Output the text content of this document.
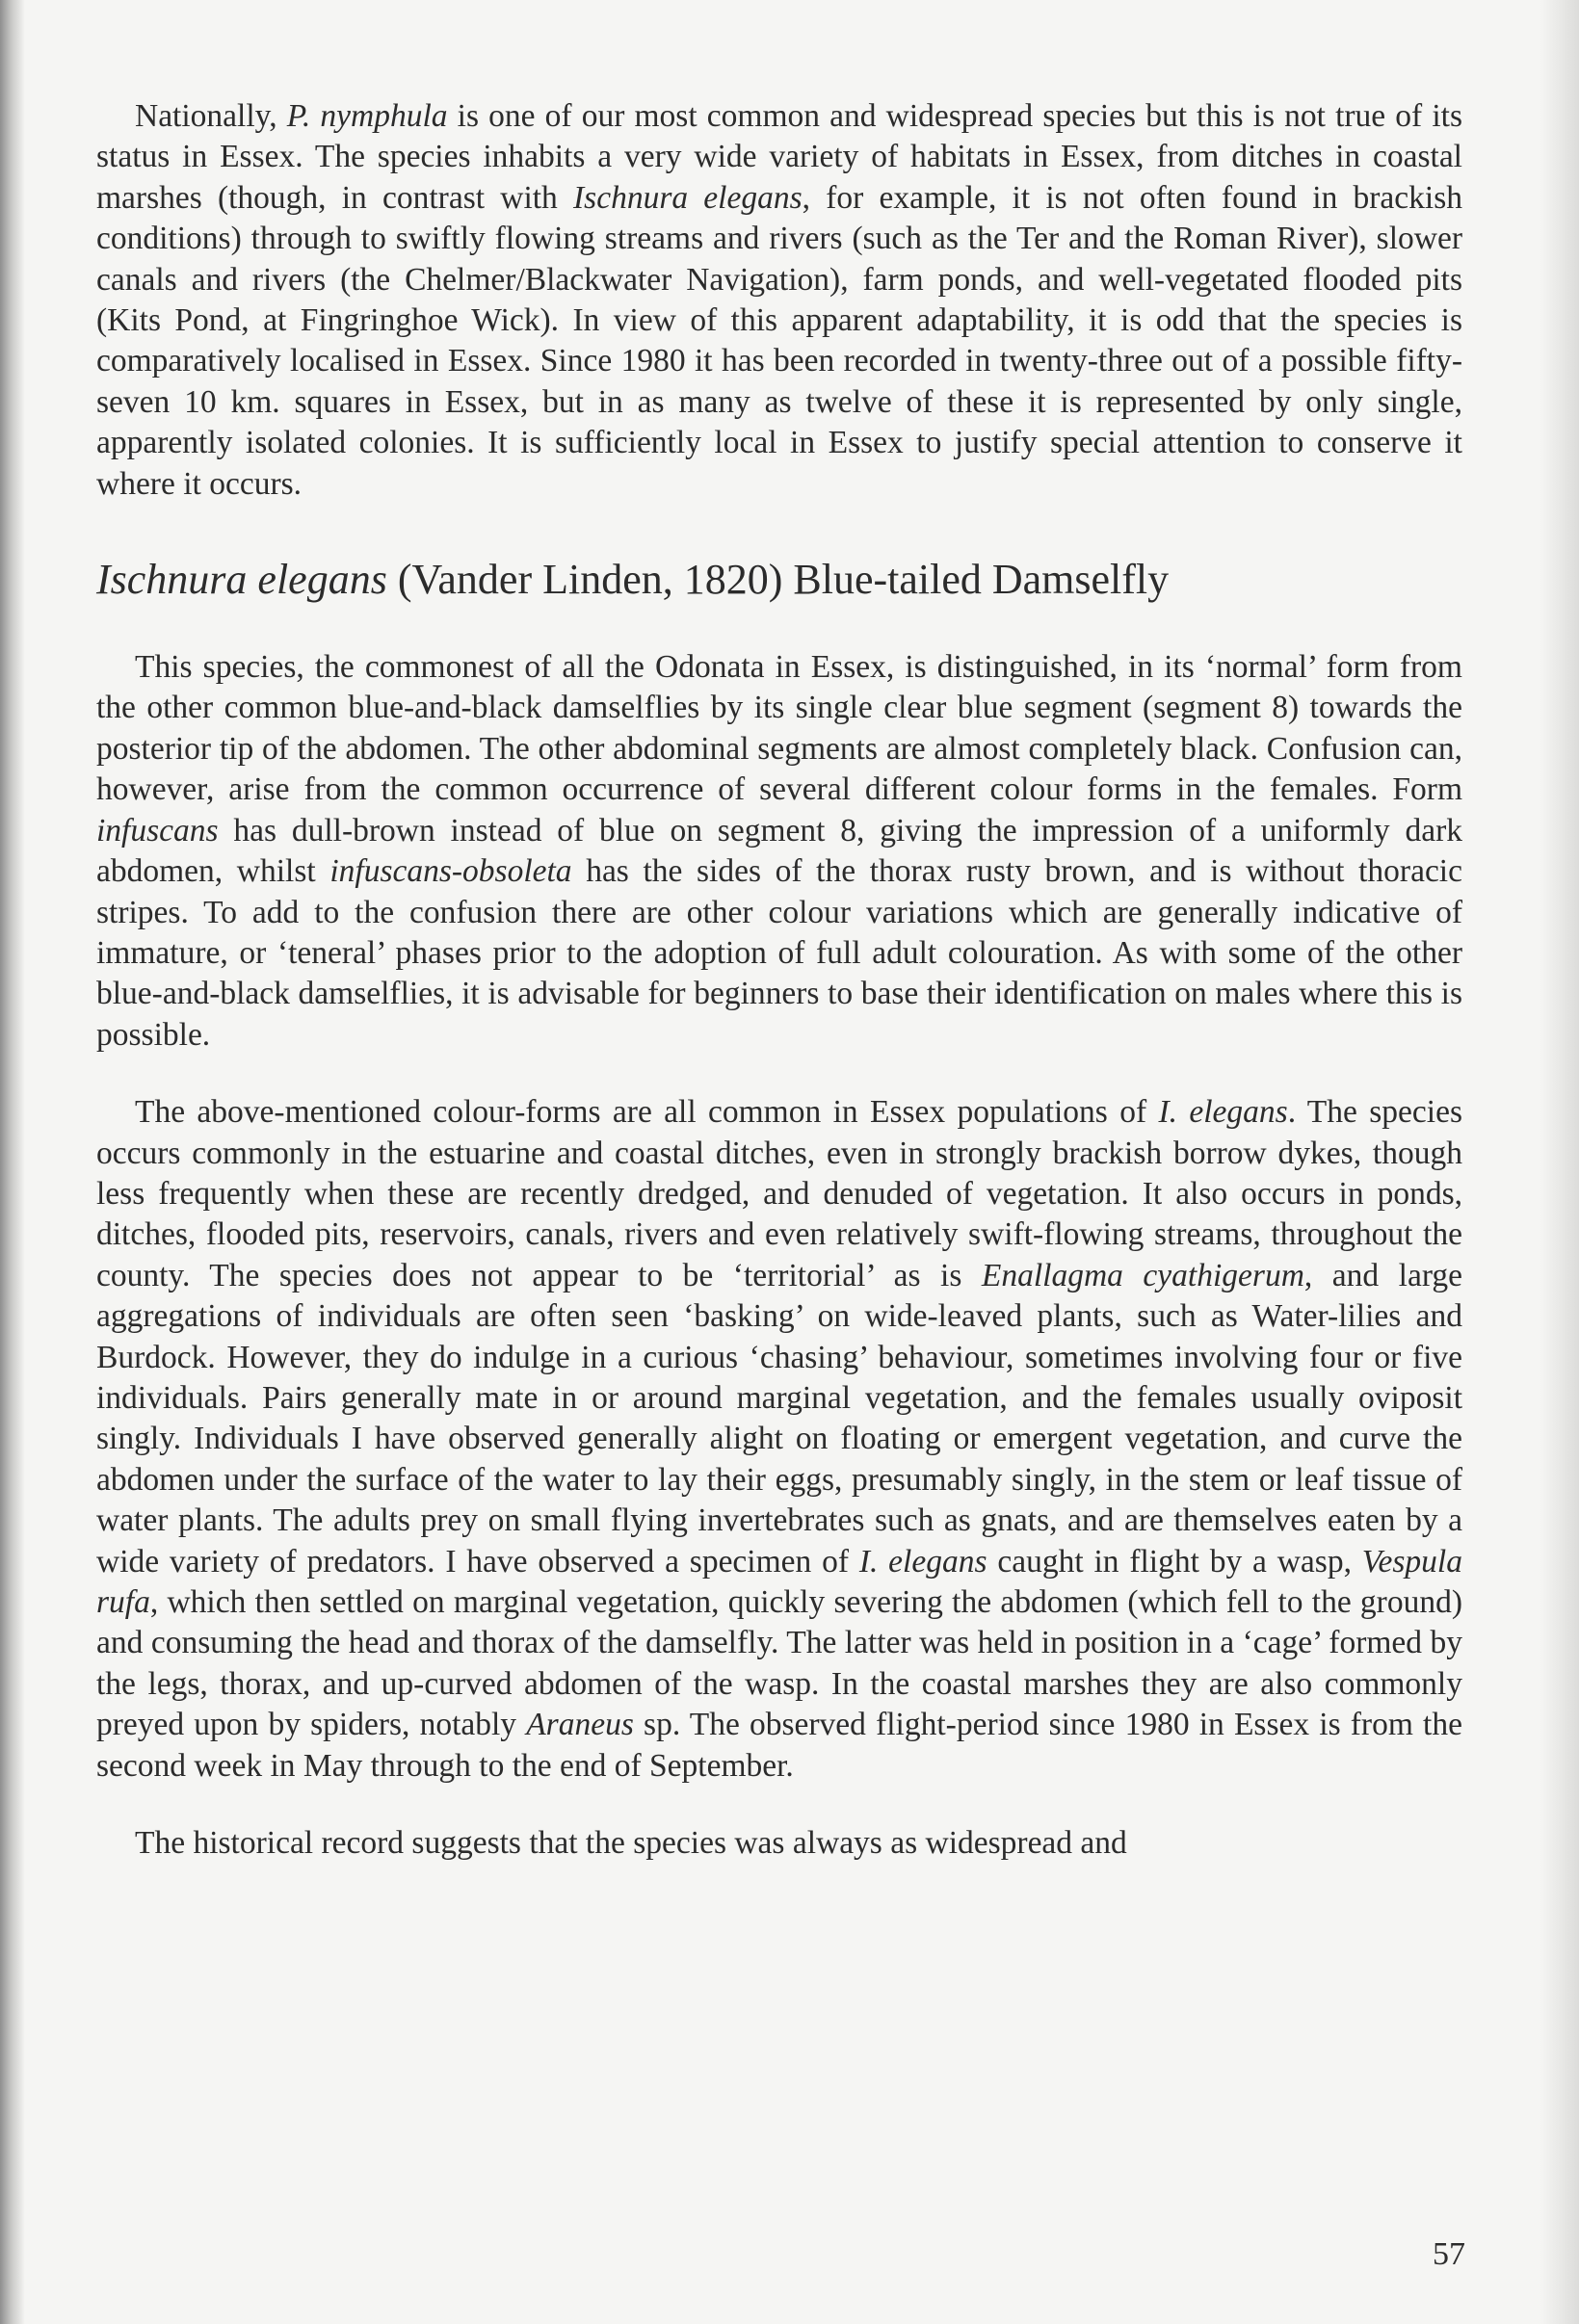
Nationally, P. nymphula is one of our most common and widespread species but this is not true of its status in Essex. The species inhabits a very wide variety of habitats in Essex, from ditches in coastal marshes (though, in contrast with Ischnura elegans, for example, it is not often found in brackish conditions) through to swiftly flowing streams and rivers (such as the Ter and the Roman River), slower canals and rivers (the Chelmer/Blackwater Navigation), farm ponds, and well-vegetated flooded pits (Kits Pond, at Fingringhoe Wick). In view of this apparent adaptability, it is odd that the species is comparatively localised in Essex. Since 1980 it has been recorded in twenty-three out of a possible fifty-seven 10 km. squares in Essex, but in as many as twelve of these it is represented by only single, apparently isolated colonies. It is sufficiently local in Essex to justify special attention to conserve it where it occurs.

Ischnura elegans (Vander Linden, 1820) Blue-tailed Damselfly

This species, the commonest of all the Odonata in Essex, is distinguished, in its ‘normal’ form from the other common blue-and-black damselflies by its single clear blue segment (segment 8) towards the posterior tip of the abdomen. The other abdominal segments are almost completely black. Confusion can, however, arise from the common occurrence of several different colour forms in the females. Form infuscans has dull-brown instead of blue on segment 8, giving the impression of a uniformly dark abdomen, whilst infuscans-obsoleta has the sides of the thorax rusty brown, and is without thoracic stripes. To add to the confusion there are other colour variations which are generally indicative of immature, or ‘teneral’ phases prior to the adoption of full adult colouration. As with some of the other blue-and-black damselflies, it is advisable for beginners to base their identification on males where this is possible.

The above-mentioned colour-forms are all common in Essex populations of I. elegans. The species occurs commonly in the estuarine and coastal ditches, even in strongly brackish borrow dykes, though less frequently when these are recently dredged, and denuded of vegetation. It also occurs in ponds, ditches, flooded pits, reservoirs, canals, rivers and even relatively swift-flowing streams, throughout the county. The species does not appear to be ‘territorial’ as is Enallagma cyathigerum, and large aggregations of individuals are often seen ‘basking’ on wide-leaved plants, such as Water-lilies and Burdock. However, they do indulge in a curious ‘chasing’ behaviour, sometimes involving four or five individuals. Pairs generally mate in or around marginal vegetation, and the females usually oviposit singly. Individuals I have observed generally alight on floating or emergent vegetation, and curve the abdomen under the surface of the water to lay their eggs, presumably singly, in the stem or leaf tissue of water plants. The adults prey on small flying invertebrates such as gnats, and are themselves eaten by a wide variety of predators. I have observed a specimen of I. elegans caught in flight by a wasp, Vespula rufa, which then settled on marginal vegetation, quickly severing the abdomen (which fell to the ground) and consuming the head and thorax of the damselfly. The latter was held in position in a ‘cage’ formed by the legs, thorax, and up-curved abdomen of the wasp. In the coastal marshes they are also commonly preyed upon by spiders, notably Araneus sp. The observed flight-period since 1980 in Essex is from the second week in May through to the end of September.

The historical record suggests that the species was always as widespread and

57
